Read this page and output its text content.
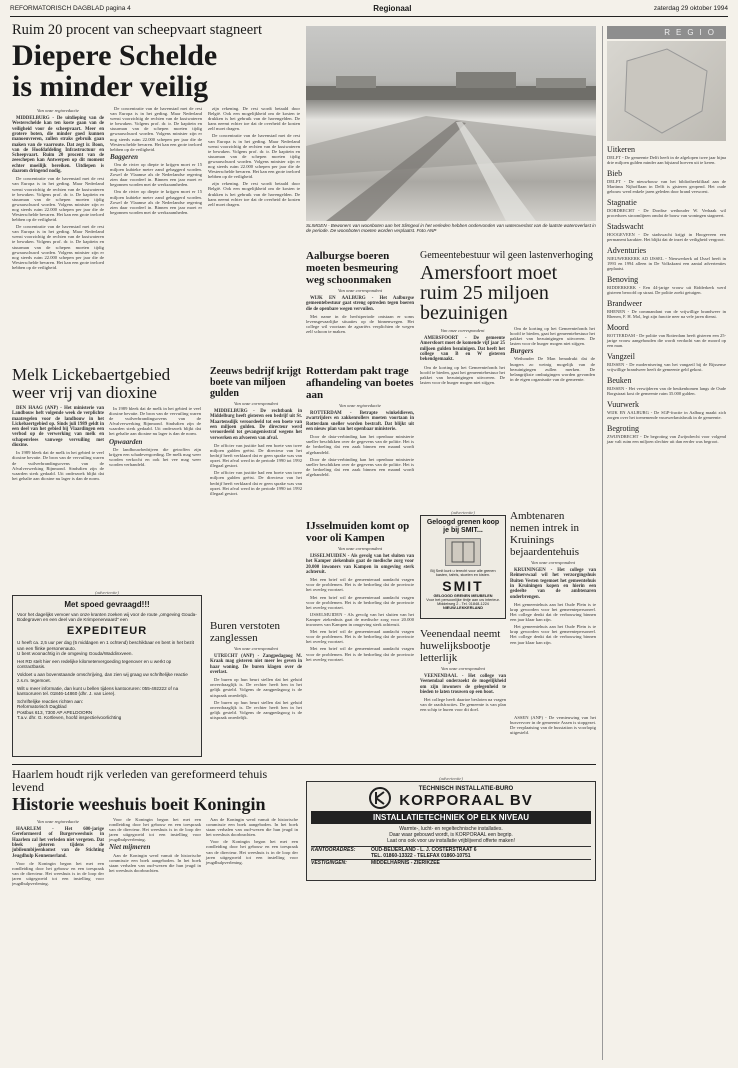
REFORMATORISCH DAGBLAD pagina 4	Regionaal	zaterdag 29 oktober 1994
Ruim 20 procent van scheepvaart stagneert
Diepere Schelde
is minder veilig
Van onze regioredactie

MIDDELBURG - De uitdieping van de Westerschelde kan ten koste gaan van de veiligheid voor de scheepvaart. Meer en grotere boten, die minder goed kunnen manoeuvreren, zullen straks gebruik gaan maken van de vaarroute. Dat zegt ir. Boon, van de Hoofdafdeling Infrastructuur en Scheepvaart. Ruim 20 procent van de zeeschepen kan Antwerpen op dit moment echter moeilijk bereiken. Uitdiepen is daarom dringend nodig.

De concentratie van de havenstad met de rest van Europa is in het geding. Maar Nederland wenst voorzichtig de rechten van de kustwateren te bewaken. Volgens prof. dr. ir. De kapitein en stuurman van de schepen moeten tijdig gewaarschuwd worden. Volgens minister zijn er nog steeds ruim 22.000 schepen per jaar die de Westerschelde bevaren. Het kan een grote invloed hebben op de veiligheid.

De concentratie van de havenstad met de rest van Europa is in het geding. Maar Nederland wenst voorzichtig de rechten van de kustwateren te bewaken. Volgens prof. dr. ir. De kapitein en stuurman van de schepen moeten tijdig gewaarschuwd worden. Volgens minister zijn er nog steeds ruim 22.000 schepen per jaar die de Westerschelde bevaren. Het kan een grote invloed hebben op de veiligheid.

De concentratie van de havenstad met de rest van Europa is in het geding. Maar Nederland wenst voorzichtig de rechten van de kustwateren te bewaken. Volgens prof. dr. ir. De kapitein en stuurman van de schepen moeten tijdig gewaarschuwd worden. Volgens minister zijn er nog steeds ruim 22.000 schepen per jaar die de Westerschelde bevaren. Het kan een grote invloed hebben op de veiligheid.

Baggeren

Om de rivier op diepte te krijgen moet er 15 miljoen kubieke meter zand gebaggerd worden. Zowel de Vlaamse als de Nederlandse regering zien daar voordeel in. Binnen een jaar moet er begonnen worden met de werkzaamheden.

Om de rivier op diepte te krijgen moet er 15 miljoen kubieke meter zand gebaggerd worden. Zowel de Vlaamse als de Nederlandse regering zien daar voordeel in. Binnen een jaar moet er begonnen worden met de werkzaamheden.

zijn rekening. De rest wordt betaald door België. Ook een mogelijkheid om de kosten te drukken is het gebruik van de havengelden. De kans neemt echter toe dat de overheid de kosten zelf moet dragen.

De concentratie van de havenstad met de rest van Europa is in het geding. Maar Nederland wenst voorzichtig de rechten van de kustwateren te bewaken. Volgens prof. dr. ir. De kapitein en stuurman van de schepen moeten tijdig gewaarschuwd worden. Volgens minister zijn er nog steeds ruim 22.000 schepen per jaar die de Westerschelde bevaren. Het kan een grote invloed hebben op de veiligheid.

zijn rekening. De rest wordt betaald door België. Ook een mogelijkheid om de kosten te drukken is het gebruik van de havengelden. De kans neemt echter toe dat de overheid de kosten zelf moet dragen.

SLIMGEN - Bewoners van woonboten aan het Slimgeul in het verleden hebben ondervonden van wateroverlast van de laatste wateroverlast in de periode. De woonboten moeten worden verplaatst. Foto ANP
Aalburgse boeren moeten besmeuring weg schoonmaken
Van onze correspondent

WIJK EN AALBURG - Het Aalburgse gemeentebestuur gaat streng optreden tegen boeren die de openbare wegen vervuilen.

Met name in de herfstperiode ontstaan er soms levensgevaarlijke situaties op de binnenwegen. Het college wil voortaan de agrariërs verplichten de wegen zelf schoon te maken.

Rotterdam pakt trage afhandeling van boetes aan
Van onze regioredactie

ROTTERDAM - Betrapte winkeldieven, zwartrijders en zakkenrollers moeten voortaan in Rotterdam sneller worden bestraft. Dat blijkt uit een nieuw plan van het openbaar ministerie.

Door de data-verbinding kan het openbaar ministerie sneller beschikken over de gegevens van de politie. Het is de bedoeling dat een zaak binnen een maand wordt afgehandeld.

Door de data-verbinding kan het openbaar ministerie sneller beschikken over de gegevens van de politie. Het is de bedoeling dat een zaak binnen een maand wordt afgehandeld.

IJsselmuiden komt op voor oli Kampen
Van onze correspondent

IJSSELMUIDEN - Als gevolg van het sluiten van het Kamper ziekenhuis gaat de medische zorg voor 20.000 inwoners van Kampen in omgeving sterk achteruit.

Met een brief wil de gemeenteraad aandacht vragen voor de problemen. Het is de bedoeling dat de provincie het overleg voortzet.

Met een brief wil de gemeenteraad aandacht vragen voor de problemen. Het is de bedoeling dat de provincie het overleg voortzet.

IJSSELMUIDEN - Als gevolg van het sluiten van het Kamper ziekenhuis gaat de medische zorg voor 20.000 inwoners van Kampen in omgeving sterk achteruit.

Met een brief wil de gemeenteraad aandacht vragen voor de problemen. Het is de bedoeling dat de provincie het overleg voortzet.

Met een brief wil de gemeenteraad aandacht vragen voor de problemen. Het is de bedoeling dat de provincie het overleg voortzet.

Melk Lickebaertgebied weer vrij van dioxine

DEN HAAG (ANP) - Het ministerie van Landbouw heft volgende week de verplichte maatregelen voor de landbouw in het Lickebaertgebied op. Sinds juli 1989 geldt in een deel van het gebied bij Vlaardingen een verbod op de verwerking van melk en schapenvlees vanwege vervuiling met dioxine.

In 1989 bleek dat de melk in het gebied te veel dioxine bevatte. De bron van de vervuiling waren de vuilverbrandingsovens van de Afvalverwerking Rijnmond. Sindsdien zijn de waarden sterk gedaald. Uit onderzoek blijkt dat het gehalte aan dioxine nu lager is dan de norm.

In 1989 bleek dat de melk in het gebied te veel dioxine bevatte. De bron van de vervuiling waren de vuilverbrandingsovens van de Afvalverwerking Rijnmond. Sindsdien zijn de waarden sterk gedaald. Uit onderzoek blijkt dat het gehalte aan dioxine nu lager is dan de norm.

Opwaarden

De landbouwbedrijven die getroffen zijn krijgen een schadevergoeding. De melk mag weer worden verkocht en ook het vee mag weer worden verhandeld.

Zeeuws bedrijf krijgt boete van miljoen gulden
Van onze correspondent

MIDDELBURG - De rechtbank in Middelburg heeft gisteren een bedrijf uit St. Maartensdijk veroordeeld tot een boete van een miljoen gulden. De directeur werd veroordeeld tot gevangenisstraf wegens het verwerken en afvoeren van afval.

De officier van justitie had een boete van twee miljoen gulden geëist. De directeur van het bedrijf heeft verklaard dat er geen sprake was van opzet. Het afval werd in de periode 1990 tot 1992 illegaal gestort.

De officier van justitie had een boete van twee miljoen gulden geëist. De directeur van het bedrijf heeft verklaard dat er geen sprake was van opzet. Het afval werd in de periode 1990 tot 1992 illegaal gestort.

Buren verstoten zanglessen
Van onze correspondent

UTRECHT (ANP) - Zangpedagoog M. Kraak mag gisteren niet meer les geven in haar woning. De buren klagen over de overlast.

De buren op hun beurt stellen dat het geluid onverdraaglijk is. De rechter heeft hen in het gelijk gesteld. Volgens de zangpedagoog is de uitspraak onredelijk.

De buren op hun beurt stellen dat het geluid onverdraaglijk is. De rechter heeft hen in het gelijk gesteld. Volgens de zangpedagoog is de uitspraak onredelijk.

(advertentie)
Met spoed gevraagd!!!
Voor het dagelijks vervoer van onze kranten zoeken wij voor de route „omgeving Gouda-Bodegraven en een deel van de Krimpenerwaard" een
EXPEDITEUR
U heeft ca. 2,5 uur per dag (5 middagen en 1 ochtend) beschikbaar en bent in het bezit van een flinke personenauto.
U bent woonachtig in de omgeving Gouda/Waddinxveen.
Het RD stelt hier een redelijke kilometervergoeding tegenover en u werkt op contractbasis.
Voldoet u aan bovenstaande omschrijving, dan zien wij graag uw schriftelijke reactie z.s.m. tegemoet.
Wilt u meer informatie, dan kunt u bellen tijdens kantooruren: 055-492222 of na kantooruren tel. 01846-14860 (dhr. J. van Liere).
Schriftelijke reacties richten aan:
Reformatorisch Dagblad
Postbus 613, 7300 AP APELDOORN
T.a.v. dhr. G. Kortleven, hoofd inspectie/voorlichting
Gemeentebestuur wil geen lastenverhoging
Amersfoort moet ruim 25 miljoen bezuinigen
Van onze correspondent

AMERSFOORT - De gemeente Amersfoort moet de komende vijf jaar 25 miljoen gulden bezuinigen. Dat heeft het college van B en W gisteren bekendgemaakt.

Om de korting op het Gemeentefonds het hoofd te bieden, gaat het gemeentebestuur het pakket van bezuinigingen uitvoeren. De lasten voor de burger mogen niet stijgen.

Om de korting op het Gemeentefonds het hoofd te bieden, gaat het gemeentebestuur het pakket van bezuinigingen uitvoeren. De lasten voor de burger mogen niet stijgen.

Burgers

Wethouder De Man benadrukt dat de burgers zo weinig mogelijk van de bezuinigingen zullen merken. De belangrijkste ombuigingen worden gevonden in de eigen organisatie van de gemeente.

(advertentie)
Geloogd grenen koop je bij SMIT...
Bij Smit kunt u terecht voor alle grenen kasten, tafels, stoelen en kisten.
SMIT
GELOOGD GRENEN MEUBELEN
Voor het persoonlijke tintje aan uw interieur.
Middelweg 2 - Tel. 01848-1224
NIEUW-LEKKERLAND
Ambtenaren nemen intrek in Kruinings bejaardentehuis
Van onze correspondent

KRUININGEN - Het college van Reimerswaal wil het verzorgingshuis Buiten Vesten tegemoet het gemeentehuis in Kruiningen kopen en hierin een gedeelte van de ambtenaren onderbrengen.

Het gemeentehuis aan het Oude Plein is te krap geworden voor het gemeentepersoneel. Het college denkt dat de verbouwing binnen een jaar klaar kan zijn.

Het gemeentehuis aan het Oude Plein is te krap geworden voor het gemeentepersoneel. Het college denkt dat de verbouwing binnen een jaar klaar kan zijn.

Veenendaal neemt huwelijksbootje letterlijk
Van onze correspondent

VEENENDAAL - Het college van Veenendaal onderzoekt de mogelijkheid om zijn inwoners de gelegenheid te bieden te laten trouwen op een boot.

Het college heeft daartoe besloten na vragen van de raadsfracties. De gemeente is van plan een schip te huren voor dit doel.

ASSEN (ANP) - De vernieuwing van het busvervoer in de gemeente Assen is stopgezet. De verplaatsing van de busstation is voorlopig uitgesteld.

Haarlem houdt rijk verleden van gereformeerd tehuis levend
Historie weeshuis boeit Koningin
Van onze regioredactie

HAARLEM - Het 600-jarige Gereformeerd of Burgerweeshuis in Haarlem zal het verleden niet vergeten. Dat bleek gisteren tijdens de jubileumbijeenkomst van de Stichting Jeugdhulp Kennemerland.

Voor de Koningin begon het met een rondleiding door het gebouw en een toespraak van de directeur. Het weeshuis is in de loop der jaren uitgegroeid tot een instelling voor jeugdhulpverlening.

Voor de Koningin begon het met een rondleiding door het gebouw en een toespraak van de directeur. Het weeshuis is in de loop der jaren uitgegroeid tot een instelling voor jeugdhulpverlening.

Niet mijmeren

Aan de Koningin werd vanuit de historische commissie een boek aangeboden. In het boek staan verhalen van oud-wezen die hun jeugd in het weeshuis doorbrachten.

Aan de Koningin werd vanuit de historische commissie een boek aangeboden. In het boek staan verhalen van oud-wezen die hun jeugd in het weeshuis doorbrachten.

Voor de Koningin begon het met een rondleiding door het gebouw en een toespraak van de directeur. Het weeshuis is in de loop der jaren uitgegroeid tot een instelling voor jeugdhulpverlening.

(advertentie)
TECHNISCH INSTALLATIE-BURO
KORPORAAL BV
INSTALLATIETECHNIEK OP ELK NIVEAU
Warmte-, lucht- en regeltechnische installaties.
Daar waar gebouwd wordt, is KORPORAAL een begrip.
Laat ons ook voor uw installatie vrijblijvend offerte maken!
KANTOORADRES:	OUD-BEIJERLAND - L. J. COSTERSTRAAT 6
TEL. 01860-13322 - TELEFAX 01860-10751
VESTIGINGEN:	MIDDELHARNIS - ZIERIKZEE
REGIO
Uitkeren

DELFT - De gemeente Delft heeft in de afgelopen twee jaar bijna drie miljoen gulden minder aan bijstand hoeven uit te keren.

Bieb

DELFT - De nieuwbouw van het bibliotheekfiliaal aan de Martinus Nijhofflaan in Delft is gisteren geopend. Het oude gebouw werd enkele jaren geleden door brand verwoest.

Stagnatie

DORDRECHT - De Dordtse wethouder W. Verhaak wil procedures stroomlijnen omdat de bouw van woningen stagneert.

Stadswacht

HOOGEVEEN - De stadswacht krijgt in Hoogeveen een permanent karakter. Het blijkt dat de inzet de veiligheid vergroot.

Adventuries

NIEUWERKERK AD IJSSEL - Nieuwerkerk ad IJssel heeft in 1993 en 1994 alleen in De Volkskrant een aantal advertenties geplaatst.

Benoving

RIDDERKERK - Een 44-jarige vrouw uit Ridderkerk werd gisteren beroofd op straat. De politie zoekt getuigen.

Brandweer

RHENEN - De commandant van de vrijwillige brandweer in Rhenen, F. H. Mol, legt zijn functie neer na vele jaren dienst.

Moord

ROTTERDAM - De politie van Rotterdam heeft gisteren een 25-jarige vrouw aangehouden die wordt verdacht van de moord op een man.

Vangzeil

RIJSSEN - De modernisering van het vangzeil bij de Rijssense vrijwillige brandweer heeft de gemeente geld gekost.

Beuken

RIJSSEN - Het verwijderen van de beukenbomen langs de Oude Borgstraat kost de gemeente ruim 35.000 gulden.

Vuurwerk

WIJK EN AALBURG - De SGP-fractie in Aalburg maakt zich zorgen over het toenemende vuurwerkmisbruik in de gemeente.

Begroting

ZWIJNDRECHT - De begroting van Zwijndrecht voor volgend jaar valt ruim een miljoen slechter uit dan eerder was begroot.
